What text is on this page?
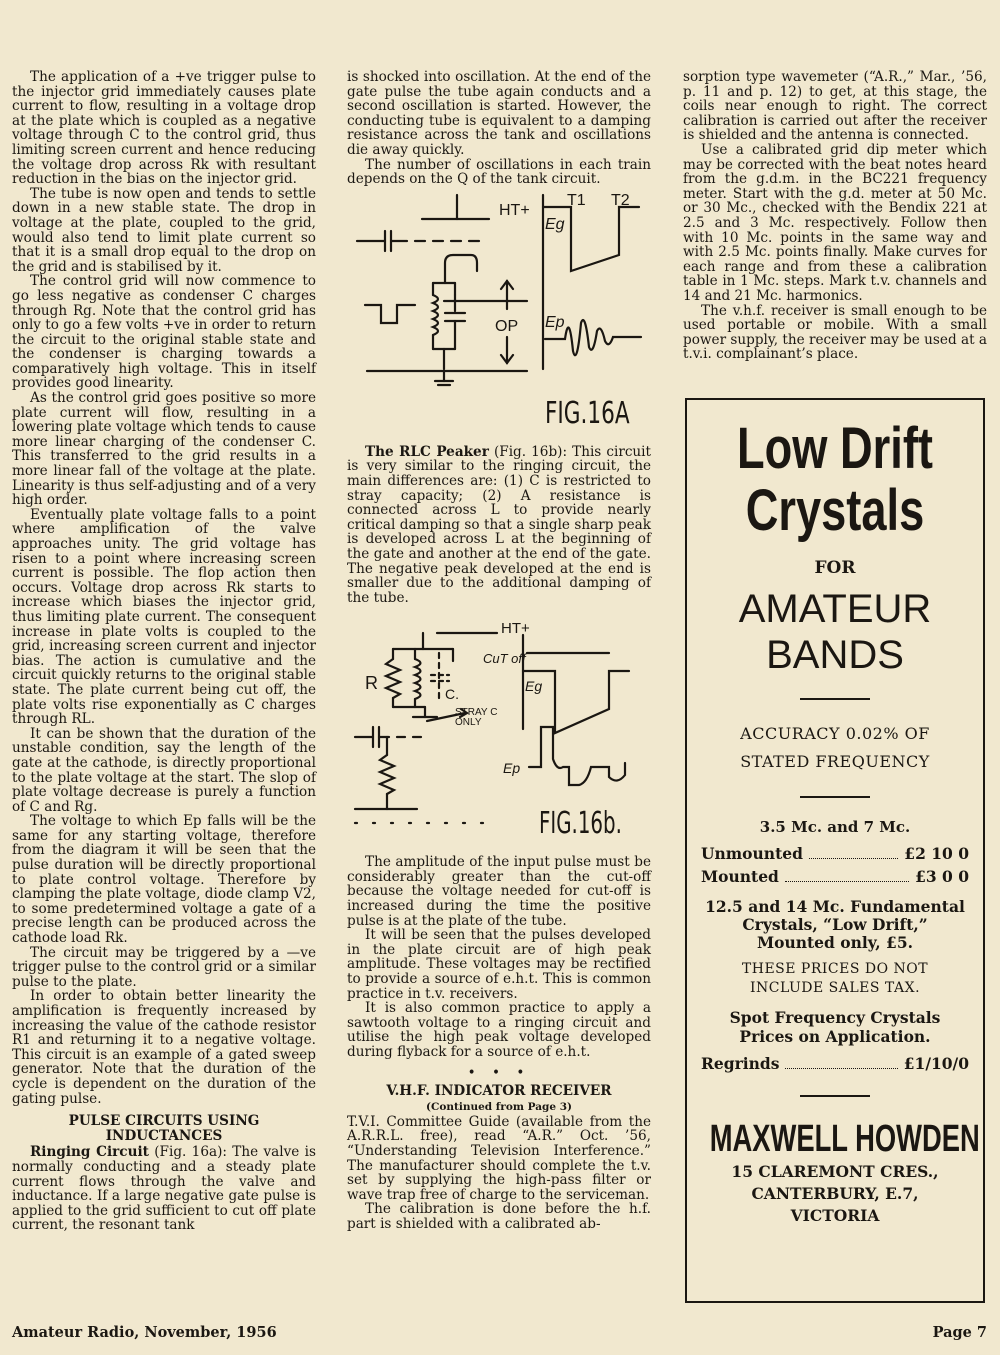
The application of a +ve trigger pulse to the injector grid immediately causes plate current to flow, resulting in a voltage drop at the plate which is coupled as a negative voltage through C to the control grid, thus limiting screen current and hence reducing the voltage drop across Rk with resultant reduction in the bias on the injector grid.

The tube is now open and tends to settle down in a new stable state. The drop in voltage at the plate, coupled to the grid, would also tend to limit plate current so that it is a small drop equal to the drop on the grid and is stabilised by it.

The control grid will now commence to go less negative as condenser C charges through Rg. Note that the control grid has only to go a few volts +ve in order to return the circuit to the original stable state and the condenser is charging towards a comparatively high voltage. This in itself provides good linearity.

As the control grid goes positive so more plate current will flow, resulting in a lowering plate voltage which tends to cause more linear charging of the condenser C. This transferred to the grid results in a more linear fall of the voltage at the plate. Linearity is thus self-adjusting and of a very high order.

Eventually plate voltage falls to a point where amplification of the valve approaches unity. The grid voltage has risen to a point where increasing screen current is possible. The flop action then occurs. Voltage drop across Rk starts to increase which biases the injector grid, thus limiting plate current. The consequent increase in plate volts is coupled to the grid, increasing screen current and injector bias. The action is cumulative and the circuit quickly returns to the original stable state. The plate current being cut off, the plate volts rise exponentially as C charges through RL.

It can be shown that the duration of the unstable condition, say the length of the gate at the cathode, is directly proportional to the plate voltage at the start. The slop of plate voltage decrease is purely a function of C and Rg.

The voltage to which Ep falls will be the same for any starting voltage, therefore from the diagram it will be seen that the pulse duration will be directly proportional to plate control voltage. Therefore by clamping the plate voltage, diode clamp V2, to some predetermined voltage a gate of a precise length can be produced across the cathode load Rk.

The circuit may be triggered by a —ve trigger pulse to the control grid or a similar pulse to the plate.

In order to obtain better linearity the amplification is frequently increased by increasing the value of the cathode resistor R1 and returning it to a negative voltage. This circuit is an example of a gated sweep generator. Note that the duration of the cycle is dependent on the duration of the gating pulse.

PULSE CIRCUITS USING INDUCTANCES

Ringing Circuit (Fig. 16a): The valve is normally conducting and a steady plate current flows through the valve and inductance. If a large negative gate pulse is applied to the grid sufficient to cut off plate current, the resonant tank

is shocked into oscillation. At the end of the gate pulse the tube again conducts and a second oscillation is started. However, the conducting tube is equivalent to a damping resistance across the tank and oscillations die away quickly.

The number of oscillations in each train depends on the Q of the tank circuit.

HT+
Eg
T1 T2
OP Ep
FIG.16A

The RLC Peaker (Fig. 16b): This circuit is very similar to the ringing circuit, the main differences are: (1) C is restricted to stray capacity; (2) A resistance is connected across L to provide nearly critical damping so that a single sharp peak is developed across L at the beginning of the gate and another at the end of the gate. The negative peak developed at the end is smaller due to the additional damping of the tube.

HT+
R
CuT off
Eg
C.
STRAY C
ONLY
Ep
FIG.16b.

The amplitude of the input pulse must be considerably greater than the cut-off because the voltage needed for cut-off is increased during the time the positive pulse is at the plate of the tube.

It will be seen that the pulses developed in the plate circuit are of high peak amplitude. These voltages may be rectified to provide a source of e.h.t. This is common practice in t.v. receivers.

It is also common practice to apply a sawtooth voltage to a ringing circuit and utilise the high peak voltage developed during flyback for a source of e.h.t.

• • •

V.H.F. INDICATOR RECEIVER

(Continued from Page 3)

T.V.I. Committee Guide (available from the A.R.R.L. free), read “A.R.” Oct. ’56, “Understanding Television Interference.” The manufacturer should complete the t.v. set by supplying the high-pass filter or wave trap free of charge to the serviceman.

The calibration is done before the h.f. part is shielded with a calibrated ab-

sorption type wavemeter (“A.R.,” Mar., ’56, p. 11 and p. 12) to get, at this stage, the coils near enough to right. The correct calibration is carried out after the receiver is shielded and the antenna is connected.

Use a calibrated grid dip meter which may be corrected with the beat notes heard from the g.d.m. in the BC221 frequency meter. Start with the g.d. meter at 50 Mc. or 30 Mc., checked with the Bendix 221 at 2.5 and 3 Mc. respectively. Follow then with 10 Mc. points in the same way and with 2.5 Mc. points finally. Make curves for each range and from these a calibration table in 1 Mc. steps. Mark t.v. channels and 14 and 21 Mc. harmonics.

The v.h.f. receiver is small enough to be used portable or mobile. With a small power supply, the receiver may be used at a t.v.i. complainant’s place.

Low Drift
Crystals
FOR
AMATEUR
BANDS
ACCURACY 0.02% OF
STATED FREQUENCY
3.5 Mc. and 7 Mc.
Unmounted	£2 10 0
Mounted	£3 0 0
12.5 and 14 Mc. Fundamental
Crystals, “Low Drift,”
Mounted only, £5.
THESE PRICES DO NOT
INCLUDE SALES TAX.
Spot Frequency Crystals
Prices on Application.
Regrinds	£1/10/0
MAXWELL HOWDEN
15 CLAREMONT CRES.,
CANTERBURY, E.7,
VICTORIA
Amateur Radio, November, 1956	Page 7
